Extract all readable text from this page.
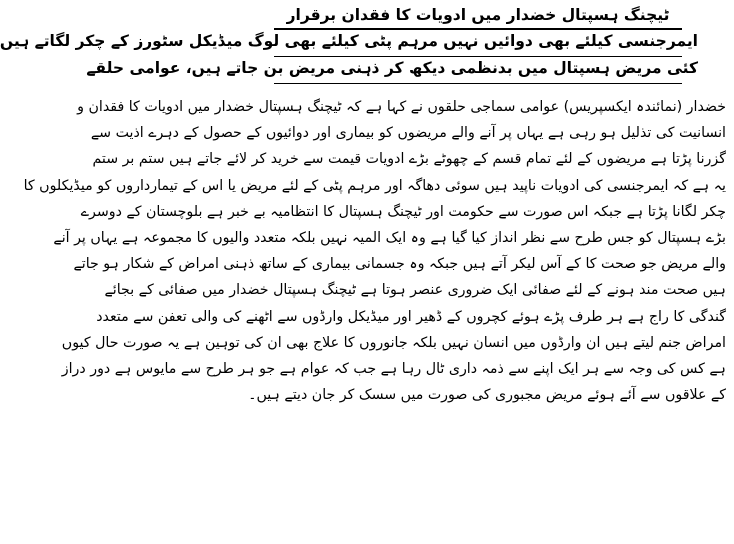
ٹیچنگ ہسپتال خضدار میں ادویات کا فقدان برقرار
ایمرجنسی کیلئے بھی دوائیں نہیں مرہم پٹی کیلئے بھی لوگ میڈیکل سٹورز کے چکر لگاتے ہیں
کئی مریض ہسپتال میں بدنظمی دیکھ کر ذہنی مریض بن جاتے ہیں، عوامی حلقے
خضدار (نمائندہ ایکسپریس) عوامی سماجی حلقوں نے کہا ہے کہ ٹیچنگ ہسپتال خضدار میں ادویات کا فقدان و
انسانیت کی تذلیل ہو رہی ہے یہاں پر آنے والے مریضوں کو بیماری اور دوائیوں کے حصول کے دہرے اذیت سے
گزرنا پڑتا ہے مریضوں کے لئے تمام قسم کے چھوٹے بڑے ادویات قیمت سے خرید کر لائے جاتے ہیں ستم بر ستم
یہ ہے کہ ایمرجنسی کی ادویات ناپید ہیں سوئی دھاگہ اور مرہم پٹی کے لئے مریض یا اس کے تیمارداروں کو میڈیکلوں کا
چکر لگانا پڑتا ہے جبکہ اس صورت سے حکومت اور ٹیچنگ ہسپتال کا انتظامیہ بے خبر ہے بلوچستان کے دوسرے
بڑے ہسپتال کو جس طرح سے نظر انداز کیا گیا ہے وہ ایک المیہ نہیں بلکہ متعدد والیوں کا مجموعہ ہے یہاں پر آنے
والے مریض جو صحت کا کے آس لیکر آتے ہیں جبکہ وہ جسمانی بیماری کے ساتھ ذہنی امراض کے شکار ہو جاتے
ہیں صحت مند ہونے کے لئے صفائی ایک ضروری عنصر ہوتا ہے ٹیچنگ ہسپتال خضدار میں صفائی کے بجائے
گندگی کا راج ہے ہر طرف پڑے ہوئے کچروں کے ڈھیر اور میڈیکل وارڈوں سے اٹھنے کی والی تعفن سے متعدد
امراض جنم لیتے ہیں ان وارڈوں میں انسان نہیں بلکہ جانوروں کا علاج بھی ان کی توہین ہے یہ صورت حال کیوں
ہے کس کی وجہ سے ہر ایک اپنے سے ذمہ داری ٹال رہا ہے جب کہ عوام ہے جو ہر طرح سے مایوس ہے دور دراز
کے علاقوں سے آئے ہوئے مریض مجبوری کی صورت میں سسک کر جان دیتے ہیں۔
